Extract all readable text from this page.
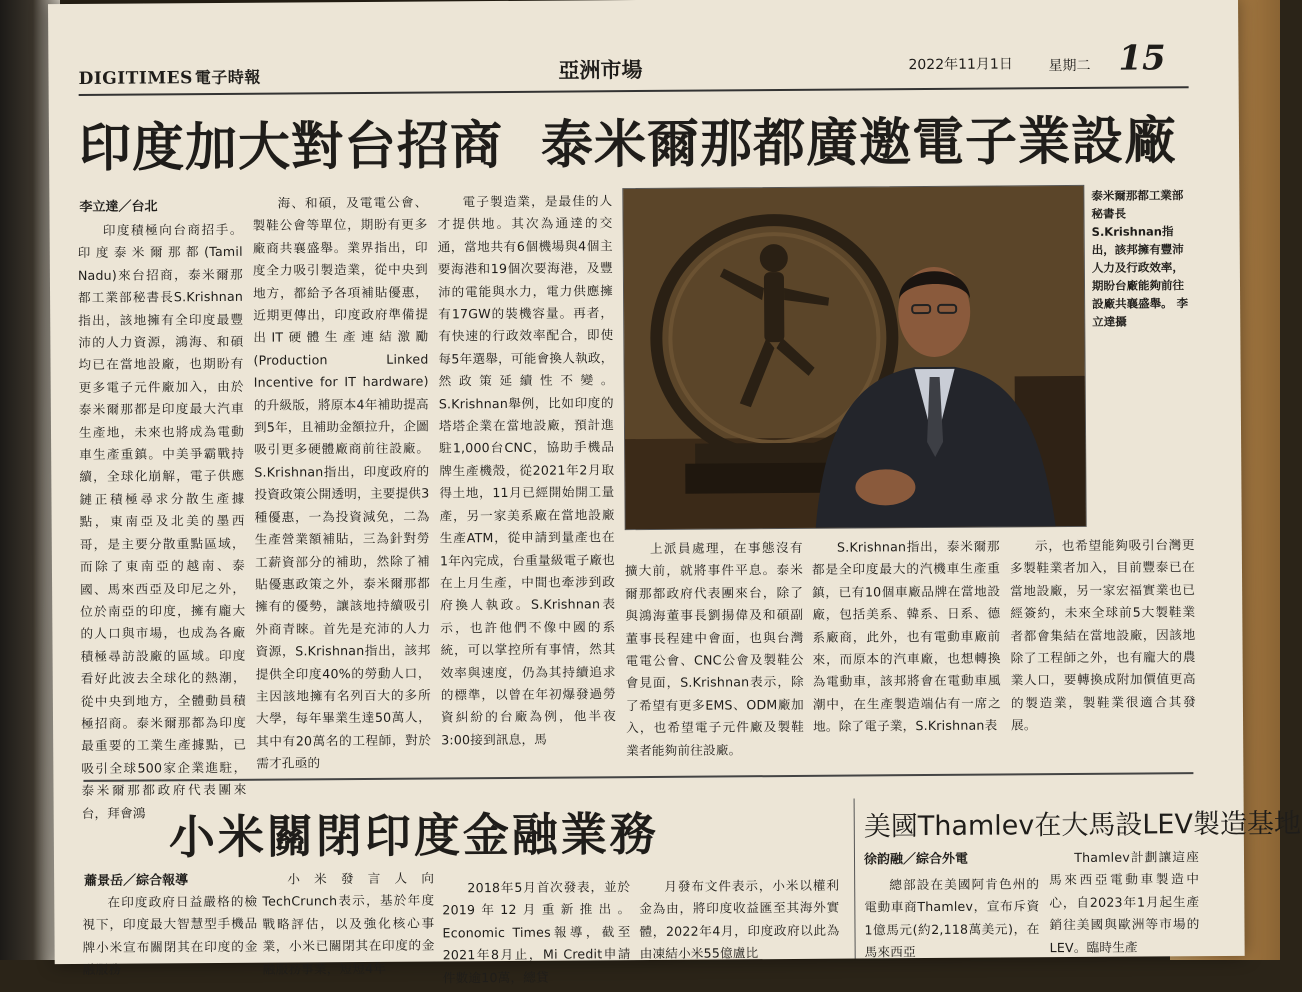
DIGITIMES 電子時報	亞洲市場	2022年11月1日	星期二 15
印度加大對台招商 泰米爾那都廣邀電子業設廠
李立達／台北

印度積極向台商招手。印度泰米爾那都(Tamil Nadu)來台招商，泰米爾那都工業部秘書長S.Krishnan指出，該地擁有全印度最豐沛的人力資源，鴻海、和碩均已在當地設廠，也期盼有更多電子元件廠加入，由於泰米爾那都是印度最大汽車生產地，未來也將成為電動車生產重鎮。中美爭霸戰持續，全球化崩解，電子供應鏈正積極尋求分散生產據點，東南亞及北美的墨西哥，是主要分散重點區域，而除了東南亞的越南、泰國、馬來西亞及印尼之外，位於南亞的印度，擁有龐大的人口與市場，也成為各廠積極尋訪設廠的區域。印度看好此波去全球化的熱潮，從中央到地方，全體動員積極招商。泰米爾那都為印度最重要的工業生產據點，已吸引全球500家企業進駐，泰米爾那都政府代表團來台，拜會鴻

海、和碩，及電電公會、製鞋公會等單位，期盼有更多廠商共襄盛舉。業界指出，印度全力吸引製造業，從中央到地方，都給予各項補貼優惠，近期更傳出，印度政府準備提出IT硬體生產連結激勵(Production Linked Incentive for IT hardware)的升級版，將原本4年補助提高到5年，且補助金額拉升，企圖吸引更多硬體廠商前往設廠。S.Krishnan指出，印度政府的投資政策公開透明，主要提供3種優惠，一為投資減免，二為生產營業額補貼，三為針對勞工薪資部分的補助，然除了補貼優惠政策之外，泰米爾那都擁有的優勢，讓該地持續吸引外商青睞。首先是充沛的人力資源，S.Krishnan指出，該邦提供全印度40%的勞動人口，主因該地擁有名列百大的多所大學，每年畢業生達50萬人，其中有20萬名的工程師，對於需才孔亟的

電子製造業，是最佳的人才提供地。其次為通達的交通，當地共有6個機場與4個主要海港和19個次要海港，及豐沛的電能與水力，電力供應擁有17GW的裝機容量。再者，有快速的行政效率配合，即使每5年選舉，可能會換人執政，然政策延續性不變。S.Krishnan舉例，比如印度的塔塔企業在當地設廠，預計進駐1,000台CNC，協助手機品牌生產機殼，從2021年2月取得土地，11月已經開始開工量產，另一家美系廠在當地設廠生產ATM，從申請到量產也在1年內完成，台重量級電子廠也在上月生產，中間也牽涉到政府換人執政。S.Krishnan表示，也許他們不像中國的系統，可以掌控所有事情，然其效率與速度，仍為其持續追求的標準，以曾在年初爆發過勞資糾紛的台廠為例，他半夜3:00接到訊息，馬

上派員處理，在事態沒有擴大前，就將事件平息。泰米爾那都政府代表團來台，除了與鴻海董事長劉揚偉及和碩副董事長程建中會面，也與台灣電電公會、CNC公會及製鞋公會見面，S.Krishnan表示，除了希望有更多EMS、ODM廠加入，也希望電子元件廠及製鞋業者能夠前往設廠。

S.Krishnan指出，泰米爾那都是全印度最大的汽機車生產重鎮，已有10個車廠品牌在當地設廠，包括美系、韓系、日系、德系廠商，此外，也有電動車廠前來，而原本的汽車廠，也想轉換為電動車，該邦將會在電動車風潮中，在生產製造端佔有一席之地。除了電子業，S.Krishnan表

示，也希望能夠吸引台灣更多製鞋業者加入，目前豐泰已在當地設廠，另一家宏福實業也已經簽約，未來全球前5大製鞋業者都會集結在當地設廠，因該地除了工程師之外，也有龐大的農業人口，要轉換成附加價值更高的製造業，製鞋業很適合其發展。

泰米爾那都工業部秘書長S.Krishnan指出，該邦擁有豐沛人力及行政效率，期盼台廠能夠前往設廠共襄盛舉。 李立達攝
小米關閉印度金融業務
蕭景岳／綜合報導

在印度政府日益嚴格的檢視下，印度最大智慧型手機品牌小米宣布關閉其在印度的金融服務

小米發言人向TechCrunch表示，基於年度戰略評估，以及強化核心事業，小米已關閉其在印度的金融服務事業，短短4年

2018年5月首次發表，並於2019年12月重新推出。Economic Times報導，截至2021年8月止，Mi Credit申請件數逾10萬，總貸

月發布文件表示，小米以權利金為由，將印度收益匯至其海外實體，2022年4月，印度政府以此為由凍結小米55億盧比

美國Thamlev在大馬設LEV製造基地
徐韵融／綜合外電

總部設在美國阿肯色州的電動車商Thamlev，宣布斥資1億馬元(約2,118萬美元)，在馬來西亞

Thamlev計劃讓這座馬來西亞電動車製造中心，自2023年1月起生產銷往美國與歐洲等市場的LEV。臨時生產
